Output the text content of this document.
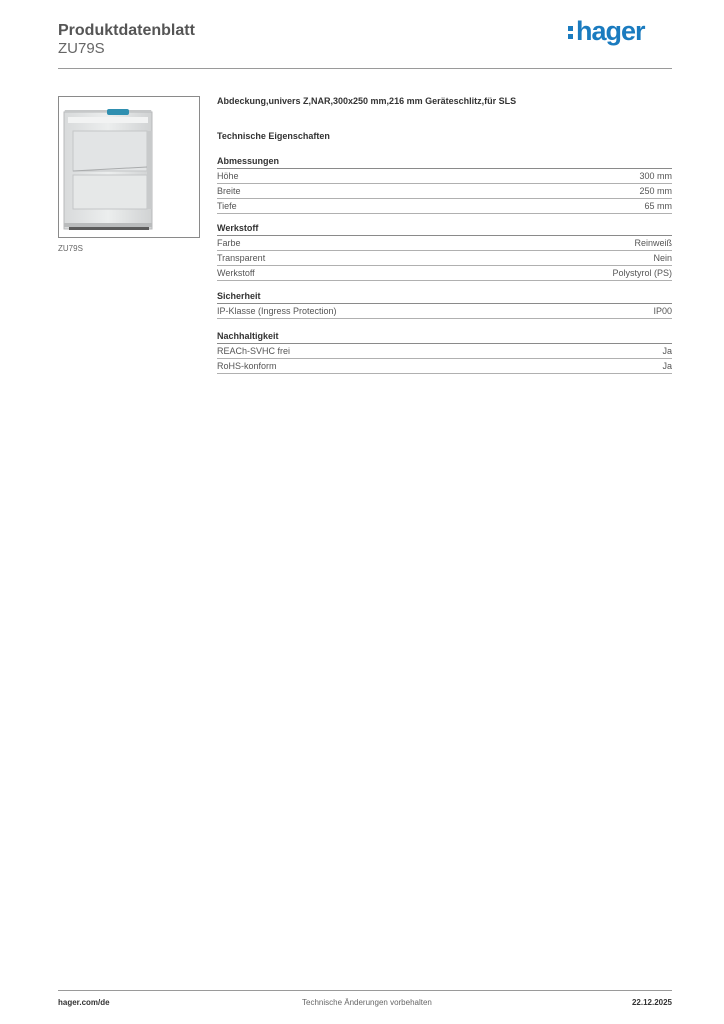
Produktdatenblatt
ZU79S
hager
ZU79S
Abdeckung,univers Z,NAR,300x250 mm,216 mm Geräteschlitz,für SLS
Technische Eigenschaften
Abmessungen
Höhe	300 mm
Breite	250 mm
Tiefe	65 mm
Werkstoff
Farbe	Reinweiß
Transparent	Nein
Werkstoff	Polystyrol (PS)
Sicherheit
IP-Klasse (Ingress Protection)	IP00
Nachhaltigkeit
REACh-SVHC frei	Ja
RoHS-konform	Ja
hager.com/de	Technische Änderungen vorbehalten	22.12.2025
